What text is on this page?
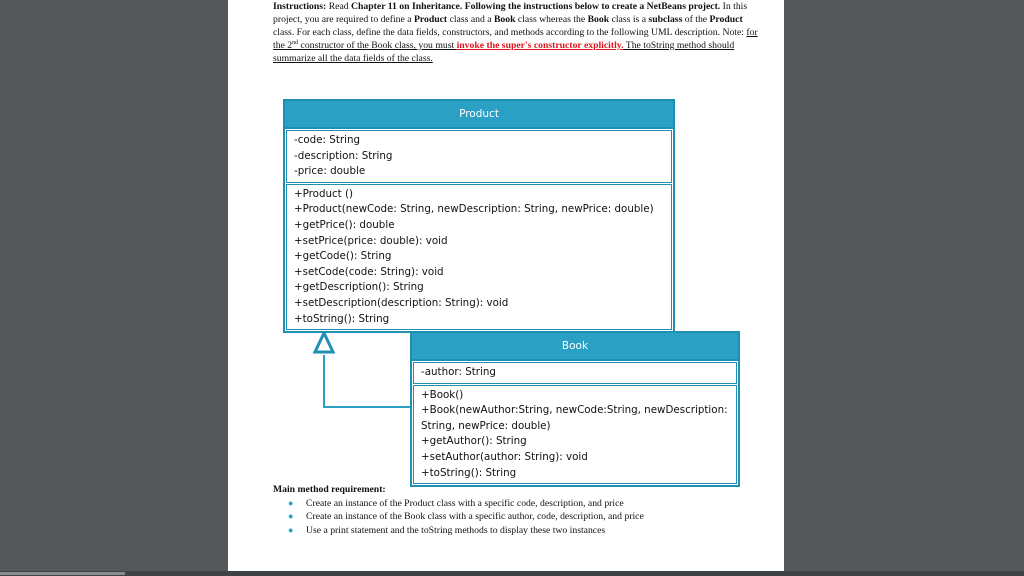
Instructions: Read Chapter 11 on Inheritance. Following the instructions below to create a NetBeans project. In this project, you are required to define a Product class and a Book class whereas the Book class is a subclass of the Product class. For each class, define the data fields, constructors, and methods according to the following UML description. Note: for the 2nd constructor of the Book class, you must invoke the super's constructor explicitly. The toString method should summarize all the data fields of the class.
Product
-code: String
-description: String
-price: double
+Product ()
+Product(newCode: String, newDescription: String, newPrice: double)
+getPrice(): double
+setPrice(price: double): void
+getCode(): String
+setCode(code: String): void
+getDescription(): String
+setDescription(description: String): void
+toString(): String
Book
-author: String
+Book()
+Book(newAuthor:String, newCode:String, newDescription: String, newPrice: double)
+getAuthor(): String
+setAuthor(author: String): void
+toString(): String
Main method requirement:
● Create an instance of the Product class with a specific code, description, and price
● Create an instance of the Book class with a specific author, code, description, and price
● Use a print statement and the toString methods to display these two instances
